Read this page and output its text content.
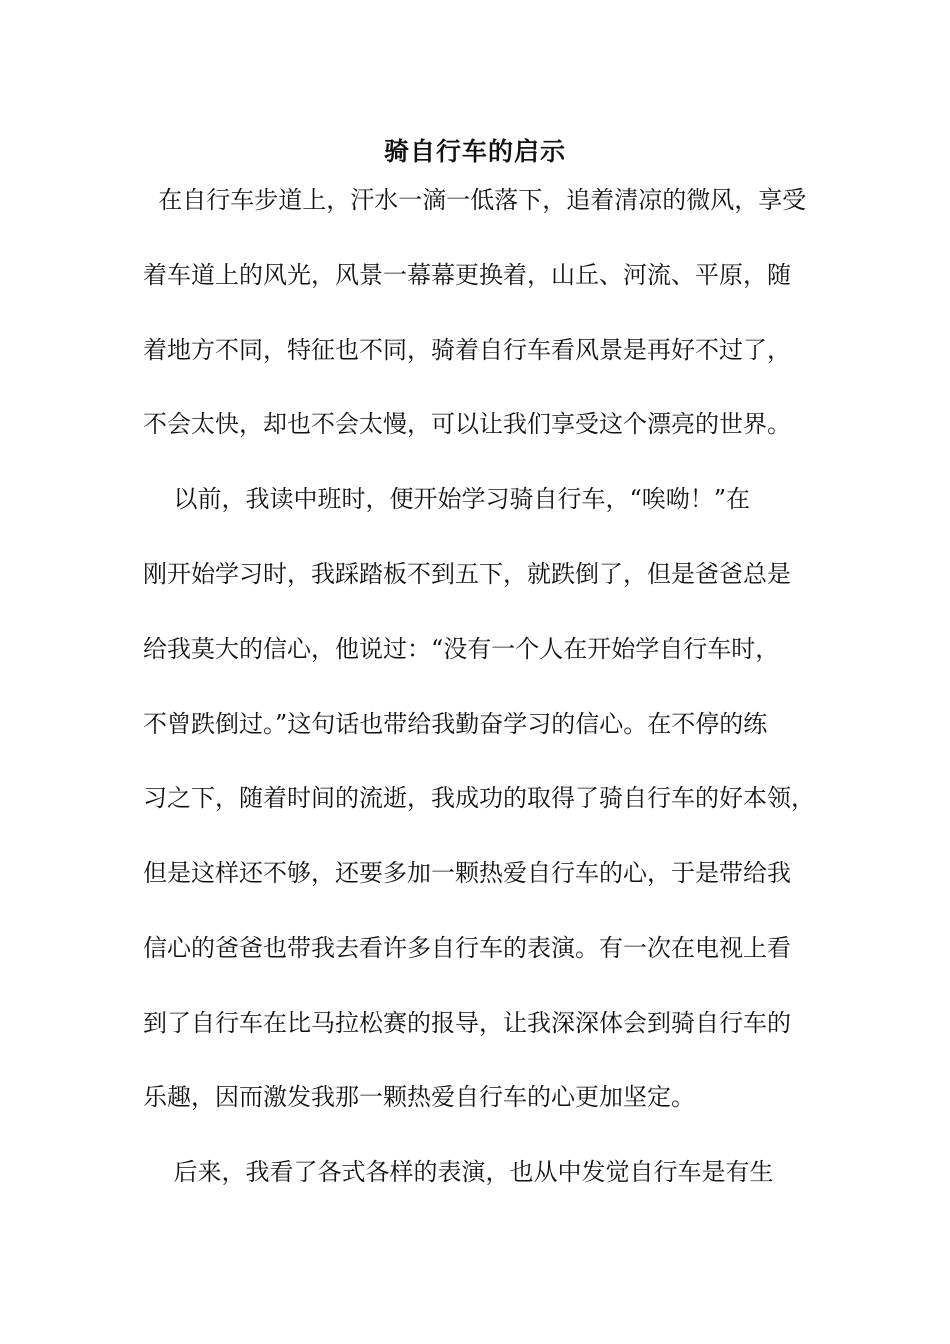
骑自行车的启示
在自行车步道上，汗水一滴一低落下，追着清凉的微风，享受
着车道上的风光，风景一幕幕更换着，山丘、河流、平原，随
着地方不同，特征也不同，骑着自行车看风景是再好不过了，
不会太快，却也不会太慢，可以让我们享受这个漂亮的世界。
以前，我读中班时，便开始学习骑自行车，“唉呦！”在
刚开始学习时，我踩踏板不到五下，就跌倒了，但是爸爸总是
给我莫大的信心，他说过：“没有一个人在开始学自行车时，
不曾跌倒过。”这句话也带给我勤奋学习的信心。在不停的练
习之下，随着时间的流逝，我成功的取得了骑自行车的好本领，
但是这样还不够，还要多加一颗热爱自行车的心，于是带给我
信心的爸爸也带我去看许多自行车的表演。有一次在电视上看
到了自行车在比马拉松赛的报导，让我深深体会到骑自行车的
乐趣，因而激发我那一颗热爱自行车的心更加坚定。
后来，我看了各式各样的表演，也从中发觉自行车是有生
